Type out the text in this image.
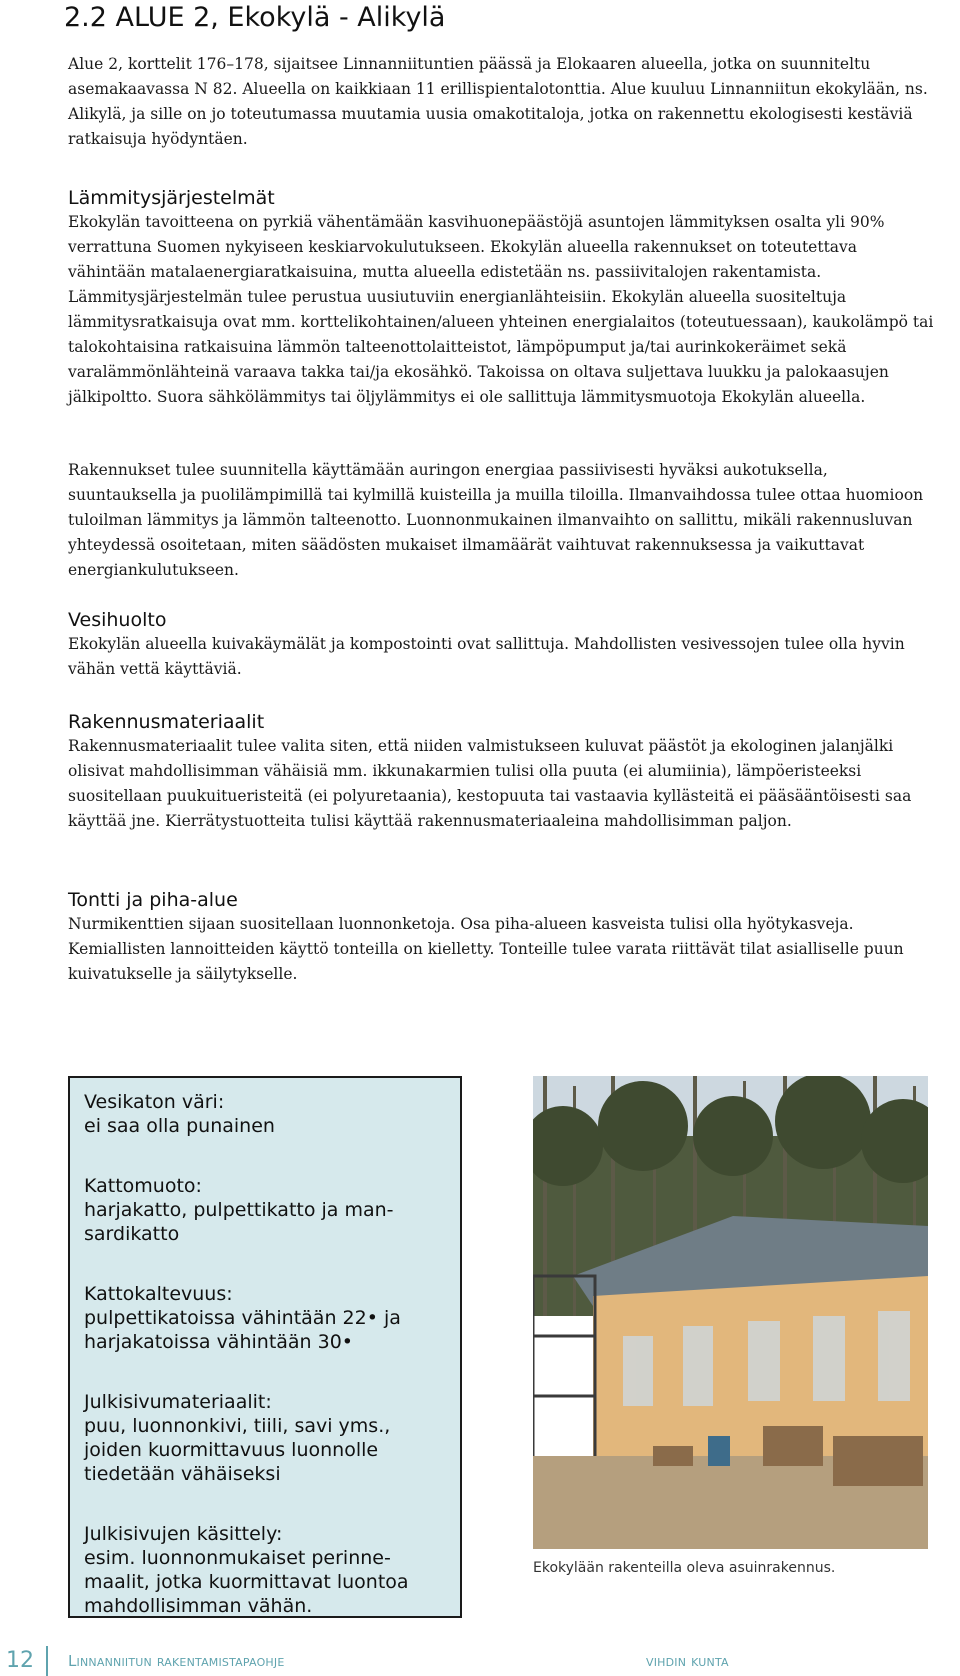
2.2 ALUE 2, Ekokylä - Alikylä

Alue 2, korttelit 176–178, sijaitsee Linnanniituntien päässä ja Elokaaren alueella, jotka on suunniteltu asemakaavassa N 82. Alueella on kaikkiaan 11 erillispientalotonttia. Alue kuuluu Linnanniitun ekokylään, ns. Alikylä, ja sille on jo toteutumassa muutamia uusia omakotitaloja, jotka on rakennettu ekologisesti kestäviä ratkaisuja hyödyntäen.

Lämmitysjärjestelmät

Ekokylän tavoitteena on pyrkiä vähentämään kasvihuonepäästöjä asuntojen lämmityksen osalta yli 90% verrattuna Suomen nykyiseen keskiarvokulutukseen. Ekokylän alueella rakennukset on toteutettava vähintään matalaenergiaratkaisuina, mutta alueella edistetään ns. passiivitalojen rakentamista. Lämmitysjärjestelmän tulee perustua uusiutuviin energianlähteisiin. Ekokylän alueella suositeltuja lämmitysratkaisuja ovat mm. korttelikohtainen/alueen yhteinen energialaitos (toteutuessaan), kaukolämpö tai talokohtaisina ratkaisuina lämmön talteenottolaitteistot, lämpöpumput ja/tai aurinkokeräimet sekä varalämmönlähteinä varaava takka tai/ja ekosähkö. Takoissa on oltava suljettava luukku ja palokaasujen jälkipoltto. Suora sähkölämmitys tai öljylämmitys ei ole sallittuja lämmitysmuotoja Ekokylän alueella.

Rakennukset tulee suunnitella käyttämään auringon energiaa passiivisesti hyväksi aukotuksella, suuntauksella ja puolilämpimillä tai kylmillä kuisteilla ja muilla tiloilla. Ilmanvaihdossa tulee ottaa huomioon tuloilman lämmitys ja lämmön talteenotto. Luonnonmukainen ilmanvaihto on sallittu, mikäli rakennusluvan yhteydessä osoitetaan, miten säädösten mukaiset ilmamäärät vaihtuvat rakennuksessa ja vaikuttavat energiankulutukseen.

Vesihuolto

Ekokylän alueella kuivakäymälät ja kompostointi ovat sallittuja. Mahdollisten vesivessojen tulee olla hyvin vähän vettä käyttäviä.

Rakennusmateriaalit

Rakennusmateriaalit tulee valita siten, että niiden valmistukseen kuluvat päästöt ja ekologinen jalanjälki olisivat mahdollisimman vähäisiä mm. ikkunakarmien tulisi olla puuta (ei alumiinia), lämpöeristeeksi suositellaan puukuituеristeitä (ei polyuretaania), kestopuuta tai vastaavia kyllästeitä ei pääsääntöisesti saa käyttää jne. Kierrätystuotteita tulisi käyttää rakennusmateriaaleina mahdollisimman paljon.

Tontti ja piha-alue

Nurmikenttien sijaan suositellaan luonnonketoja. Osa piha-alueen kasveista tulisi olla hyötykasveja. Kemiallisten lannoitteiden käyttö tonteilla on kielletty. Tonteille tulee varata riittävät tilat asialliselle puun kuivatukselle ja säilytykselle.

Vesikaton väri:
ei saa olla punainen
Kattomuoto:
harjakatto, pulpettikatto ja man-sardikatto
Kattokaltevuus:
pulpettikatoissa vähintään 22• ja harjakatoissa vähintään 30•
Julkisivumateriaalit:
puu, luonnonkivi, tiili, savi yms., joiden kuormittavuus luonnolle tiedetään vähäiseksi
Julkisivujen käsittely:
esim. luonnonmukaiset perinne-maalit, jotka kuormittavat luontoa mahdollisimman vähän.
Ekokylään rakenteilla oleva asuinrakennus.
12 Linnanniitun rakentamistapaohje	vihdin kunta
